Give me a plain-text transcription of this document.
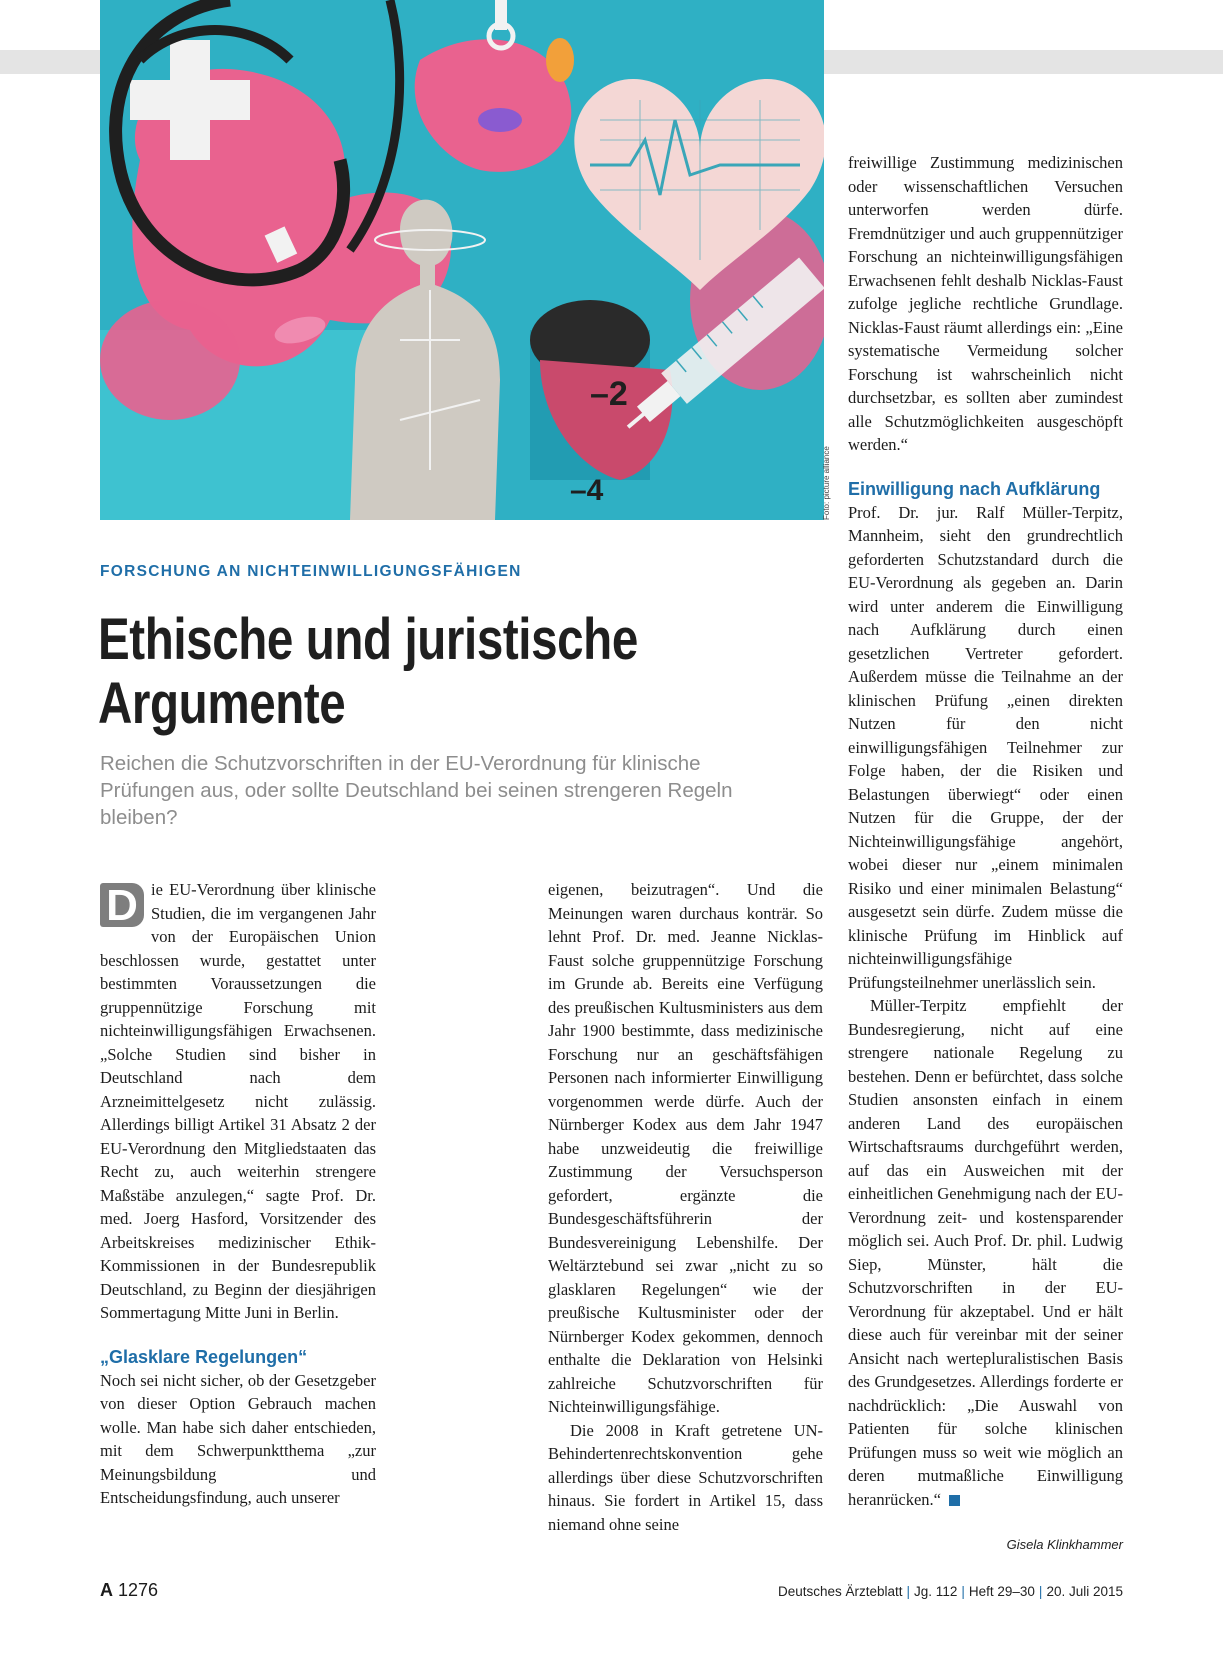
–2
–4	Foto: picture alliance
FORSCHUNG AN NICHTEINWILLIGUNGSFÄHIGEN
Ethische und juristische
Argumente

Reichen die Schutzvorschriften in der EU-Verordnung für klinische Prüfungen aus, oder sollte Deutschland bei seinen strengeren Regeln bleiben?

D ie EU-Verordnung über klinische Studien, die im vergangenen Jahr von der Europäischen Union beschlossen wurde, gestattet unter bestimmten Voraussetzungen die gruppennützige Forschung mit nichteinwilligungsfähigen Erwachsenen. „Solche Studien sind bisher in Deutschland nach dem Arzneimittelgesetz nicht zulässig. Allerdings billigt Artikel 31 Absatz 2 der EU-Verordnung den Mitgliedstaaten das Recht zu, auch weiterhin strengere Maßstäbe anzulegen,“ sagte Prof. Dr. med. Joerg Hasford, Vorsitzender des Arbeitskreises medizinischer Ethik-Kommissionen in der Bundesrepublik Deutschland, zu Beginn der diesjährigen Sommertagung Mitte Juni in Berlin.

„Glasklare Regelungen“

Noch sei nicht sicher, ob der Gesetzgeber von dieser Option Gebrauch machen wolle. Man habe sich daher entschieden, mit dem Schwerpunktthema „zur Meinungsbildung und Entscheidungsfindung, auch unserer

eigenen, beizutragen“. Und die Meinungen waren durchaus konträr. So lehnt Prof. Dr. med. Jeanne Nicklas-Faust solche gruppennützige Forschung im Grunde ab. Bereits eine Verfügung des preußischen Kultusministers aus dem Jahr 1900 bestimmte, dass medizinische Forschung nur an geschäftsfähigen Personen nach informierter Einwilligung vorgenommen werde dürfe. Auch der Nürnberger Kodex aus dem Jahr 1947 habe unzweideutig die freiwillige Zustimmung der Versuchsperson gefordert, ergänzte die Bundesgeschäftsführerin der Bundesvereinigung Lebenshilfe. Der Weltärztebund sei zwar „nicht zu so glasklaren Regelungen“ wie der preußische Kultusminister oder der Nürnberger Kodex gekommen, dennoch enthalte die Deklaration von Helsinki zahlreiche Schutzvorschriften für Nichteinwilligungsfähige.

Die 2008 in Kraft getretene UN-Behindertenrechtskonvention gehe allerdings über diese Schutzvorschriften hinaus. Sie fordert in Artikel 15, dass niemand ohne seine

freiwillige Zustimmung medizinischen oder wissenschaftlichen Versuchen unterworfen werden dürfe. Fremdnütziger und auch gruppennütziger Forschung an nichteinwilligungsfähigen Erwachsenen fehlt deshalb Nicklas-Faust zufolge jegliche rechtliche Grundlage. Nicklas-Faust räumt allerdings ein: „Eine systematische Vermeidung solcher Forschung ist wahrscheinlich nicht durchsetzbar, es sollten aber zumindest alle Schutzmöglichkeiten ausgeschöpft werden.“

Einwilligung nach Aufklärung

Prof. Dr. jur. Ralf Müller-Terpitz, Mannheim, sieht den grundrechtlich geforderten Schutzstandard durch die EU-Verordnung als gegeben an. Darin wird unter anderem die Einwilligung nach Aufklärung durch einen gesetzlichen Vertreter gefordert. Außerdem müsse die Teilnahme an der klinischen Prüfung „einen direkten Nutzen für den nicht einwilligungsfähigen Teilnehmer zur Folge haben, der die Risiken und Belastungen überwiegt“ oder einen Nutzen für die Gruppe, der der Nichteinwilligungsfähige angehört, wobei dieser nur „einem minimalen Risiko und einer minimalen Belastung“ ausgesetzt sein dürfe. Zudem müsse die klinische Prüfung im Hinblick auf nichteinwilligungsfähige Prüfungsteilnehmer unerlässlich sein.

Müller-Terpitz empfiehlt der Bundesregierung, nicht auf eine strengere nationale Regelung zu bestehen. Denn er befürchtet, dass solche Studien ansonsten einfach in einem anderen Land des europäischen Wirtschaftsraums durchgeführt werden, auf das ein Ausweichen mit der einheitlichen Genehmigung nach der EU-Verordnung zeit- und kostensparender möglich sei. Auch Prof. Dr. phil. Ludwig Siep, Münster, hält die Schutzvorschriften in der EU-Verordnung für akzeptabel. Und er hält diese auch für vereinbar mit der seiner Ansicht nach wertepluralistischen Basis des Grundgesetzes. Allerdings forderte er nachdrücklich: „Die Auswahl von Patienten für solche klinischen Prüfungen muss so weit wie möglich an deren mutmaßliche Einwilligung heranrücken.“

Gisela Klinkhammer
A 1276	Deutsches Ärzteblatt | Jg. 112 | Heft 29–30 | 20. Juli 2015
